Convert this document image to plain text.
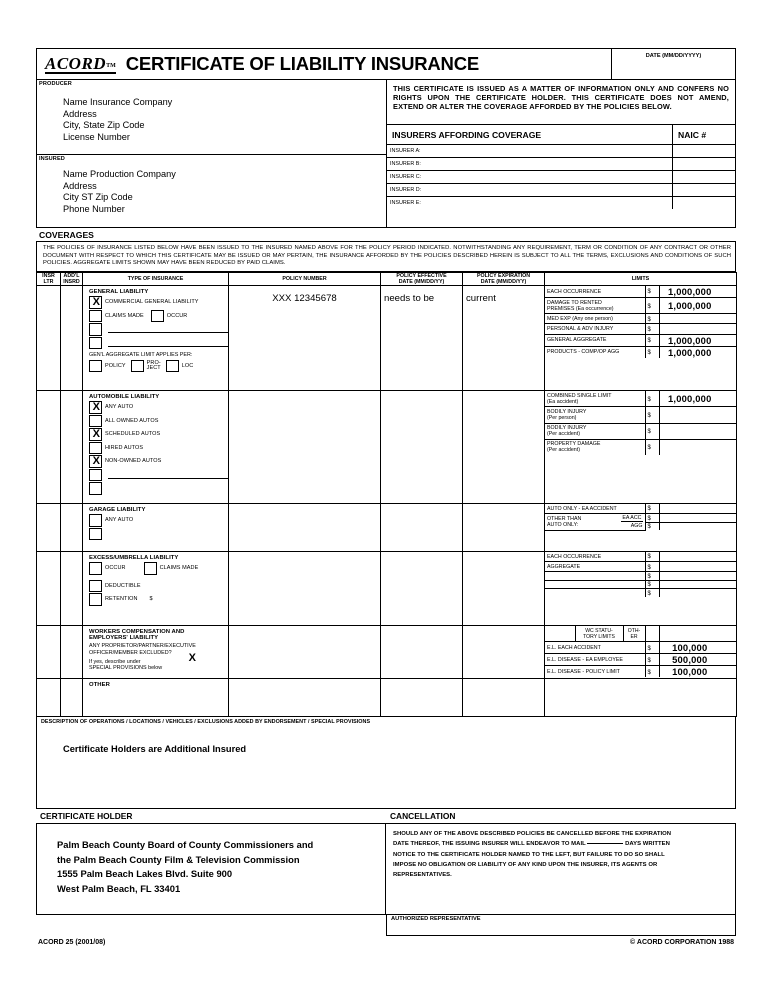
ACORDTM CERTIFICATE OF LIABILITY INSURANCE	DATE (MM/DD/YYYY)
PRODUCER
Name Insurance Company
Address
City, State Zip Code
License Number
INSURED
Name Production Company
Address
City ST Zip Code
Phone Number

THIS CERTIFICATE IS ISSUED AS A MATTER OF INFORMATION ONLY AND CONFERS NO RIGHTS UPON THE CERTIFICATE HOLDER. THIS CERTIFICATE DOES NOT AMEND, EXTEND OR ALTER THE COVERAGE AFFORDED BY THE POLICIES BELOW.

INSURERS AFFORDING COVERAGE	NAIC #
INSURER A:
INSURER B:
INSURER C:
INSURER D:
INSURER E:
COVERAGES

THE POLICIES OF INSURANCE LISTED BELOW HAVE BEEN ISSUED TO THE INSURED NAMED ABOVE FOR THE POLICY PERIOD INDICATED. NOTWITHSTANDING ANY REQUIREMENT, TERM OR CONDITION OF ANY CONTRACT OR OTHER DOCUMENT WITH RESPECT TO WHICH THIS CERTIFICATE MAY BE ISSUED OR MAY PERTAIN, THE INSURANCE AFFORDED BY THE POLICIES DESCRIBED HEREIN IS SUBJECT TO ALL THE TERMS, EXCLUSIONS AND CONDITIONS OF SUCH POLICIES. AGGREGATE LIMITS SHOWN MAY HAVE BEEN REDUCED BY PAID CLAIMS.

INSR
LTR

ADD'L
INSRD
	TYPE OF INSURANCE	POLICY NUMBER	
POLICY EFFECTIVE
DATE (MM/DD/YY)

POLICY EXPIRATION
DATE (MM/DD/YY)
	LIMITS

GENERAL LIABILITY
X
COMMERCIAL GENERAL LIABILITY
CLAIMS MADE	OCCUR
GEN'L AGGREGATE LIMIT APPLIES PER:
POLICY
PRO-
JECT	LOC

XXX 12345678	needs to be	current

EACH OCCURRENCE	$	1,000,000
DAMAGE TO RENTED
PREMISES (Ea occurrence)	$	1,000,000
MED EXP (Any one person)	$	
PERSONAL & ADV INJURY	$	
GENERAL AGGREGATE	$	1,000,000
PRODUCTS - COMP/OP AGG	$	1,000,000

AUTOMOBILE LIABILITY
X
ANY AUTO
ALL OWNED AUTOS
X
SCHEDULED AUTOS
HIRED AUTOS
X
NON-OWNED AUTOS

COMBINED SINGLE LIMIT
(Ea accident)	$	1,000,000
BODILY INJURY
(Per person)	$	
BODILY INJURY
(Per accident)	$	
PROPERTY DAMAGE
(Per accident)	$	

GARAGE LIABILITY
ANY AUTO

AUTO ONLY - EA ACCIDENT	$	
OTHER THAN
AUTO ONLY:
EA ACC
AGG
	$	
$	

EXCESS/UMBRELLA LIABILITY
OCCUR	CLAIMS MADE
DEDUCTIBLE
RETENTION $

EACH OCCURRENCE	$	
AGGREGATE	$	
	$	
	$	
	$	

WORKERS COMPENSATION AND
EMPLOYERS' LIABILITY
ANY PROPRIETOR/PARTNER/EXECUTIVE
OFFICER/MEMBER EXCLUDED?
If yes, describe under
SPECIAL PROVISIONS below
X

	WC STATU-
TORY LIMITS	OTH-
ER		
E.L. EACH ACCIDENT	$	100,000
E.L. DISEASE - EA EMPLOYEE	$	500,000
E.L. DISEASE - POLICY LIMIT	$	100,000

OTHER

DESCRIPTION OF OPERATIONS / LOCATIONS / VEHICLES / EXCLUSIONS ADDED BY ENDORSEMENT / SPECIAL PROVISIONS
Certificate Holders are Additional Insured
CERTIFICATE HOLDER	CANCELLATION
Palm Beach County Board of County Commissioners and
the Palm Beach County Film & Television Commission
1555 Palm Beach Lakes Blvd. Suite 900
West Palm Beach, FL 33401

SHOULD ANY OF THE ABOVE DESCRIBED POLICIES BE CANCELLED BEFORE THE EXPIRATION

DATE THEREOF, THE ISSUING INSURER WILL ENDEAVOR TO MAIL	DAYS WRITTEN

NOTICE TO THE CERTIFICATE HOLDER NAMED TO THE LEFT, BUT FAILURE TO DO SO SHALL

IMPOSE NO OBLIGATION OR LIABILITY OF ANY KIND UPON THE INSURER, ITS AGENTS OR

REPRESENTATIVES.

AUTHORIZED REPRESENTATIVE
ACORD 25 (2001/08)	© ACORD CORPORATION 1988
